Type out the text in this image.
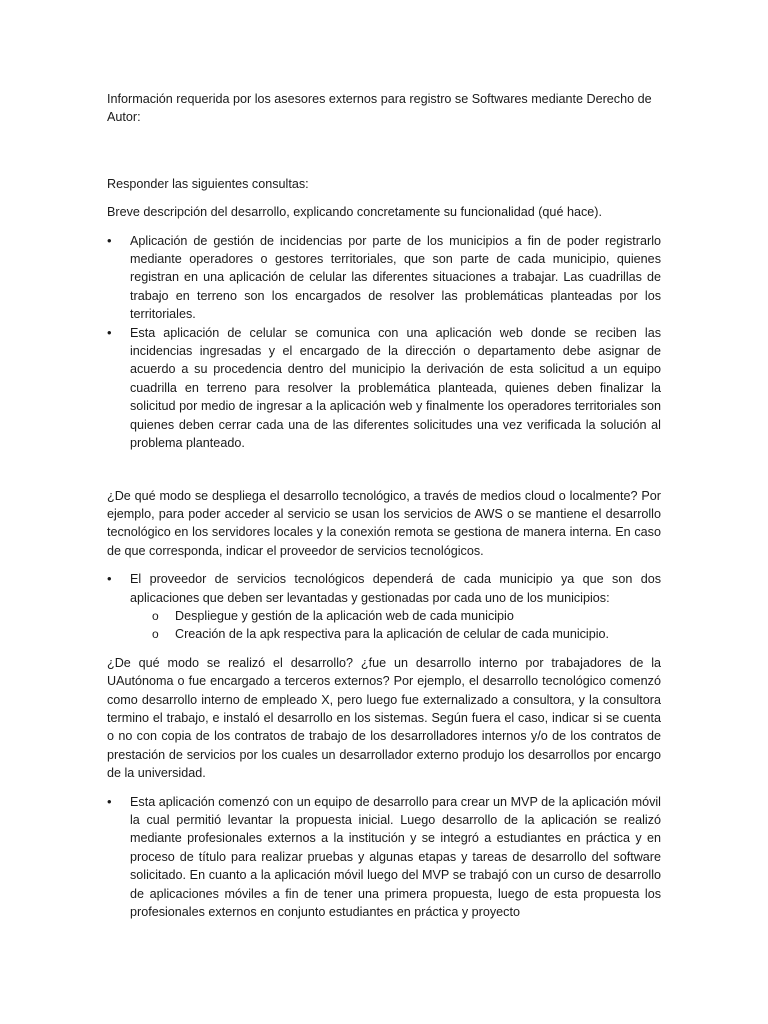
Información requerida por los asesores externos para registro se Softwares mediante Derecho de Autor:

Responder las siguientes consultas:

Breve descripción del desarrollo, explicando concretamente su funcionalidad (qué hace).

• Aplicación de gestión de incidencias por parte de los municipios a fin de poder registrarlo mediante operadores o gestores territoriales, que son parte de cada municipio, quienes registran en una aplicación de celular las diferentes situaciones a trabajar. Las cuadrillas de trabajo en terreno son los encargados de resolver las problemáticas planteadas por los territoriales.
• Esta aplicación de celular se comunica con una aplicación web donde se reciben las incidencias ingresadas y el encargado de la dirección o departamento debe asignar de acuerdo a su procedencia dentro del municipio la derivación de esta solicitud a un equipo cuadrilla en terreno para resolver la problemática planteada, quienes deben finalizar la solicitud por medio de ingresar a la aplicación web y finalmente los operadores territoriales son quienes deben cerrar cada una de las diferentes solicitudes una vez verificada la solución al problema planteado.

¿De qué modo se despliega el desarrollo tecnológico, a través de medios cloud o localmente? Por ejemplo, para poder acceder al servicio se usan los servicios de AWS o se mantiene el desarrollo tecnológico en los servidores locales y la conexión remota se gestiona de manera interna. En caso de que corresponda, indicar el proveedor de servicios tecnológicos.

• El proveedor de servicios tecnológicos dependerá de cada municipio ya que son dos aplicaciones que deben ser levantadas y gestionadas por cada uno de los municipios:
o Despliegue y gestión de la aplicación web de cada municipio
o Creación de la apk respectiva para la aplicación de celular de cada municipio.

¿De qué modo se realizó el desarrollo? ¿fue un desarrollo interno por trabajadores de la UAutónoma o fue encargado a terceros externos? Por ejemplo, el desarrollo tecnológico comenzó como desarrollo interno de empleado X, pero luego fue externalizado a consultora, y la consultora termino el trabajo, e instaló el desarrollo en los sistemas. Según fuera el caso, indicar si se cuenta o no con copia de los contratos de trabajo de los desarrolladores internos y/o de los contratos de prestación de servicios por los cuales un desarrollador externo produjo los desarrollos por encargo de la universidad.

• Esta aplicación comenzó con un equipo de desarrollo para crear un MVP de la aplicación móvil la cual permitió levantar la propuesta inicial. Luego desarrollo de la aplicación se realizó mediante profesionales externos a la institución y se integró a estudiantes en práctica y en proceso de título para realizar pruebas y algunas etapas y tareas de desarrollo del software solicitado. En cuanto a la aplicación móvil luego del MVP se trabajó con un curso de desarrollo de aplicaciones móviles a fin de tener una primera propuesta, luego de esta propuesta los profesionales externos en conjunto estudiantes en práctica y proyecto
